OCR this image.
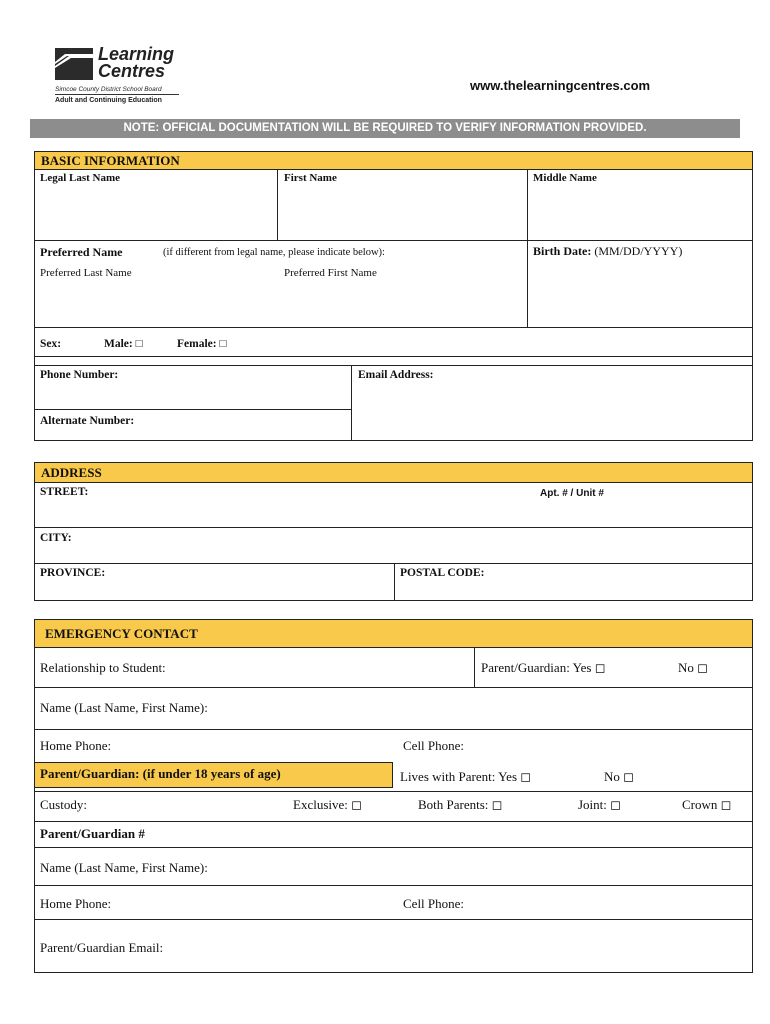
Learning
Centres
Simcoe County District School Board
Adult and Continuing Education
www.thelearningcentres.com
NOTE: OFFICIAL DOCUMENTATION WILL BE REQUIRED TO VERIFY INFORMATION PROVIDED.
BASIC INFORMATION
Legal Last Name	First Name	Middle Name
Preferred Name	(if different from legal name, please indicate below):	Birth Date: (MM/DD/YYYY)
Preferred Last Name	Preferred First Name
Sex:	Male: □	Female: □
Phone Number:	Email Address:
Alternate Number:
ADDRESS
STREET:	Apt. # / Unit #
CITY:
PROVINCE:	POSTAL CODE:
EMERGENCY CONTACT
Relationship to Student:	Parent/Guardian: Yes ◻	No ◻
Name (Last Name, First Name):
Home Phone:	Cell Phone:
Parent/Guardian: (if under 18 years of age)	Lives with Parent: Yes ◻	No ◻
Custody:	Exclusive: ◻	Both Parents: ◻	Joint: ◻	Crown ◻
Parent/Guardian #
Name (Last Name, First Name):
Home Phone:	Cell Phone:
Parent/Guardian Email:
